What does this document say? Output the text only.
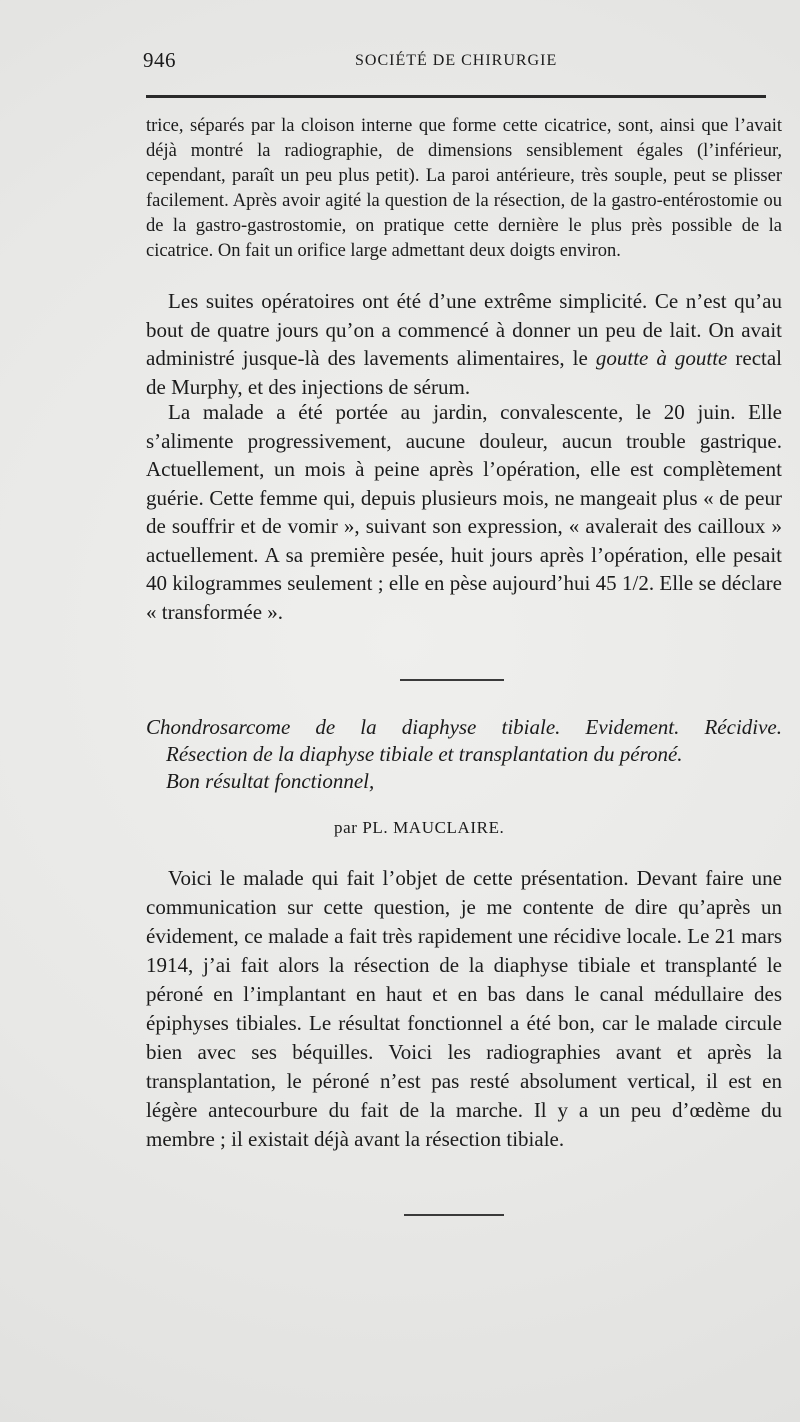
946	SOCIÉTÉ DE CHIRURGIE

trice, séparés par la cloison interne que forme cette cicatrice, sont, ainsi que l’avait déjà montré la radiographie, de dimensions sensiblement égales (l’inférieur, cependant, paraît un peu plus petit). La paroi antérieure, très souple, peut se plisser facilement. Après avoir agité la question de la résection, de la gastro-entérostomie ou de la gastro-gastrostomie, on pratique cette dernière le plus près possible de la cicatrice. On fait un orifice large admettant deux doigts environ.

Les suites opératoires ont été d’une extrême simplicité. Ce n’est qu’au bout de quatre jours qu’on a commencé à donner un peu de lait. On avait administré jusque-là des lavements alimentaires, le goutte à goutte rectal de Murphy, et des injections de sérum.

La malade a été portée au jardin, convalescente, le 20 juin. Elle s’alimente progressivement, aucune douleur, aucun trouble gastrique. Actuellement, un mois à peine après l’opération, elle est complètement guérie. Cette femme qui, depuis plusieurs mois, ne mangeait plus « de peur de souffrir et de vomir », suivant son expression, « avalerait des cailloux » actuellement. A sa première pesée, huit jours après l’opération, elle pesait 40 kilogrammes seulement ; elle en pèse aujourd’hui 45 1/2. Elle se déclare « transformée ».

Chondrosarcome de la diaphyse tibiale. Evidement. Récidive.
Résection de la diaphyse tibiale et transplantation du péroné.
Bon résultat fonctionnel,
par PL. MAUCLAIRE.

Voici le malade qui fait l’objet de cette présentation. Devant faire une communication sur cette question, je me contente de dire qu’après un évidement, ce malade a fait très rapidement une récidive locale. Le 21 mars 1914, j’ai fait alors la résection de la diaphyse tibiale et transplanté le péroné en l’implantant en haut et en bas dans le canal médullaire des épiphyses tibiales. Le résultat fonctionnel a été bon, car le malade circule bien avec ses béquilles. Voici les radiographies avant et après la transplantation, le péroné n’est pas resté absolument vertical, il est en légère antecourbure du fait de la marche. Il y a un peu d’œdème du membre ; il existait déjà avant la résection tibiale.
